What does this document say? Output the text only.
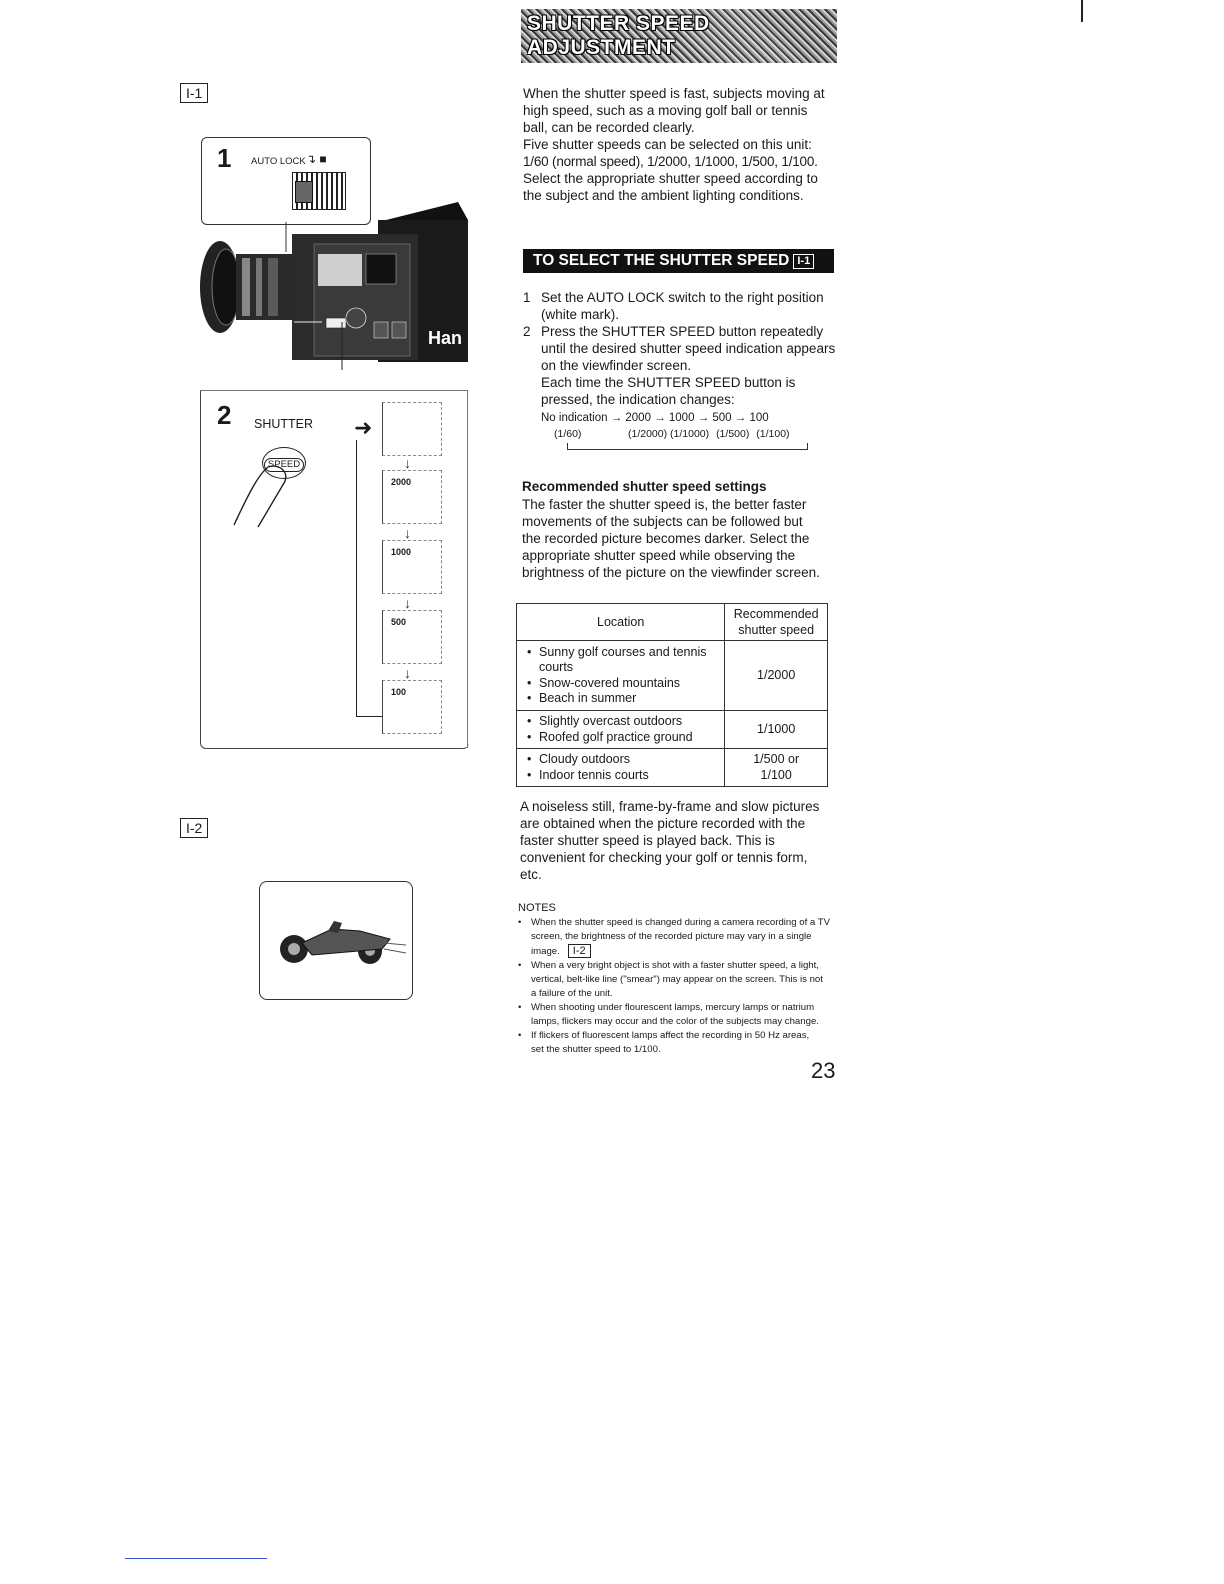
I-1
1 AUTO LOCK ↴ ■
Han
2 SHUTTER
SPEED
➜
↓
2000
↓
1000
↓
500
↓
100
I-2
SHUTTER SPEED
ADJUSTMENT
When the shutter speed is fast, subjects moving at high speed, such as a moving golf ball or tennis ball, can be recorded clearly.
Five shutter speeds can be selected on this unit:
1/60 (normal speed), 1/2000, 1/1000, 1/500, 1/100.
Select the appropriate shutter speed according to the subject and the ambient lighting conditions.
TO SELECT THE SHUTTER SPEED I-1
1 Set the AUTO LOCK switch to the right position (white mark).
2 Press the SHUTTER SPEED button repeatedly until the desired shutter speed indication appears on the viewfinder screen.
Each time the SHUTTER SPEED button is pressed, the indication changes:
No indication → 2000 → 1000 → 500 → 100
(1/60)	(1/2000) (1/1000) (1/500) (1/100)
Recommended shutter speed settings
The faster the shutter speed is, the better faster movements of the subjects can be followed but the recorded picture becomes darker. Select the appropriate shutter speed while observing the brightness of the picture on the viewfinder screen.
Location	Recommended
shutter speed

• Sunny golf courses and tennis courts
• Snow-covered mountains
• Beach in summer	1/2000

• Slightly overcast outdoors
• Roofed golf practice ground	1/1000

• Cloudy outdoors
• Indoor tennis courts	1/500 or
1/100
A noiseless still, frame-by-frame and slow pictures are obtained when the picture recorded with the faster shutter speed is played back. This is convenient for checking your golf or tennis form, etc.
NOTES
• When the shutter speed is changed during a camera recording of a TV screen, the brightness of the recorded picture may vary in a single image. I-2
• When a very bright object is shot with a faster shutter speed, a light, vertical, belt-like line ("smear") may appear on the screen. This is not a failure of the unit.
• When shooting under flourescent lamps, mercury lamps or natrium lamps, flickers may occur and the color of the subjects may change.
• If flickers of fluorescent lamps affect the recording in 50 Hz areas, set the shutter speed to 1/100.
23
